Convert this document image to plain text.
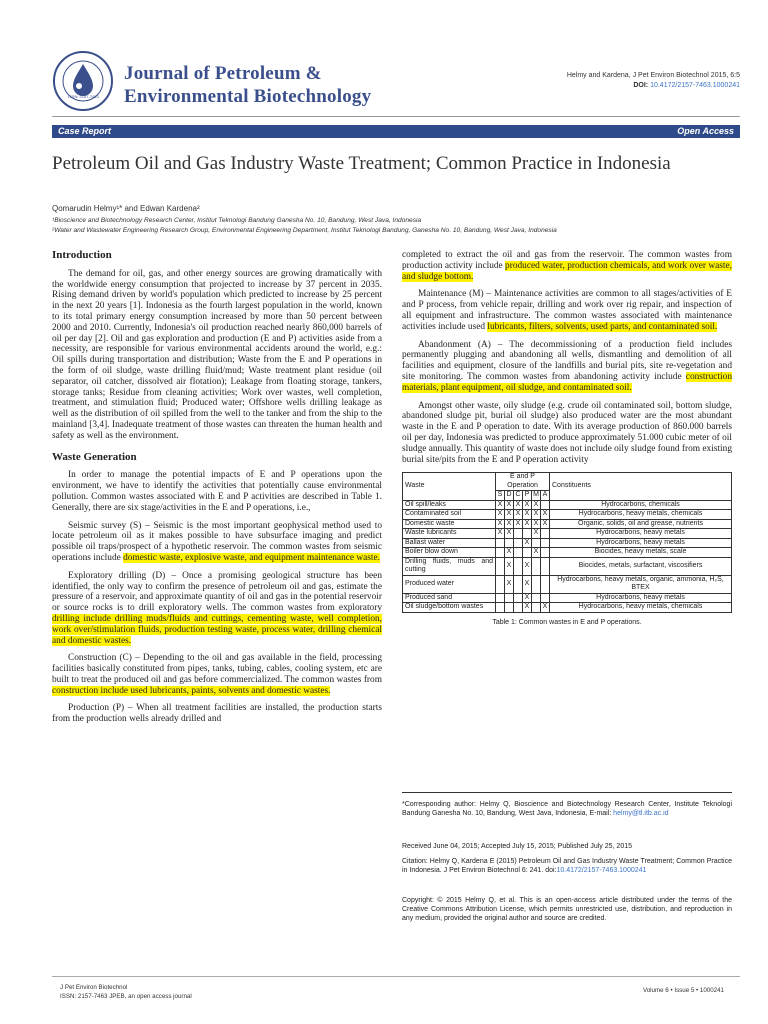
ISSN: 2157-7463
Journal of Petroleum &
Environmental Biotechnology
Helmy and Kardena, J Pet Environ Biotechnol 2015, 6:5
DOI: 10.4172/2157-7463.1000241
Case Report	Open Access
Petroleum Oil and Gas Industry Waste Treatment; Common Practice in Indonesia
Qomarudin Helmy¹* and Edwan Kardena²
¹Bioscience and Biotechnology Research Center, Institut Teknologi Bandung Ganesha No. 10, Bandung, West Java, Indonesia
²Water and Wastewater Engineering Research Group, Environmental Engineering Department, Institut Teknologi Bandung, Ganesha No. 10, Bandung, West Java, Indonesia
Introduction

The demand for oil, gas, and other energy sources are growing dramatically with the worldwide energy consumption that projected to increase by 37 percent in 2035. Rising demand driven by world's population which predicted to increase by 25 percent in the next 20 years [1]. Indonesia as the fourth largest population in the world, known to its total primary energy consumption increased by more than 50 percent between 2000 and 2010. Currently, Indonesia's oil production reached nearly 860,000 barrels of oil per day [2]. Oil and gas exploration and production (E and P) activities aside from a necessity, are responsible for various environmental accidents around the world, e.g.: Oil spills during transportation and distribution; Waste from the E and P operations in the form of oil sludge, waste drilling fluid/mud; Waste treatment plant residue (oil separator, oil catcher, dissolved air flotation); Leakage from floating storage, tankers, storage tanks; Residue from cleaning activities; Work over wastes, well completion, treatment, and stimulation fluid; Produced water; Offshore wells drilling leakage as well as the distribution of oil spilled from the well to the tanker and from the ship to the mainland [3,4]. Inadequate treatment of those wastes can threaten the human health and safety as well as the environment.

Waste Generation

In order to manage the potential impacts of E and P operations upon the environment, we have to identify the activities that potentially cause environmental pollution. Common wastes associated with E and P activities are described in Table 1. Generally, there are six stage/activities in the E and P operations, i.e.,

Seismic survey (S) – Seismic is the most important geophysical method used to locate petroleum oil as it makes possible to have subsurface imaging and predict possible oil traps/prospect of a hypothetic reservoir. The common wastes from seismic operations include domestic waste, explosive waste, and equipment maintenance waste.

Exploratory drilling (D) – Once a promising geological structure has been identified, the only way to confirm the presence of petroleum oil and gas, estimate the pressure of a reservoir, and approximate quantity of oil and gas in the potential reservoir or source rocks is to drill exploratory wells. The common wastes from exploratory drilling include drilling muds/fluids and cuttings, cementing waste, well completion, work over/stimulation fluids, production testing waste, process water, drilling chemical and domestic wastes.

Construction (C) – Depending to the oil and gas available in the field, processing facilities basically constituted from pipes, tanks, tubing, cables, cooling system, etc are built to treat the produced oil and gas before commercialized. The common wastes from construction include used lubricants, paints, solvents and domestic wastes.

Production (P) – When all treatment facilities are installed, the production starts from the production wells already drilled and

completed to extract the oil and gas from the reservoir. The common wastes from production activity include produced water, production chemicals, and work over waste, and sludge bottom.

Maintenance (M) – Maintenance activities are common to all stages/activities of E and P process, from vehicle repair, drilling and work over rig repair, and inspection of all equipment and infrastructure. The common wastes associated with maintenance activities include used lubricants, filters, solvents, used parts, and contaminated soil.

Abandonment (A) – The decommissioning of a production field includes permanently plugging and abandoning all wells, dismantling and demolition of all facilities and equipment, closure of the landfills and burial pits, site re-vegetation and site monitoring. The common wastes from abandoning activity include construction materials, plant equipment, oil sludge, and contaminated soil.

Amongst other waste, oily sludge (e.g. crude oil contaminated soil, bottom sludge, abandoned sludge pit, burial oil sludge) also produced water are the most abundant waste in the E and P operation to date. With its average production of 860.000 barrels oil per day, Indonesia was predicted to produce approximately 51.000 cubic meter of oil sludge annually. This quantity of waste does not include oily sludge found from existing burial site/pits from the E and P operation activity

Waste	E and P Operation						Constituents
	S	D	C	P	M	A	
Oil spill/leaks	X	X	X	X	X		Hydrocarbons, chemicals
Contaminated soil	X	X	X	X	X	X	Hydrocarbons, heavy metals, chemicals
Domestic waste	X	X	X	X	X	X	Organic, solids, oil and grease, nutrients
Waste lubricants	X	X			X		Hydrocarbons, heavy metals
Ballast water				X			Hydrocarbons, heavy metals
Boiler blow down		X			X		Biocides, heavy metals, scale
Drilling fluids, muds and cutting		X		X			Biocides, metals, surfactant, viscosifiers
Produced water		X		X			Hydrocarbons, heavy metals, organic, ammonia, H₂S, BTEX
Produced sand				X			Hydrocarbons, heavy metals
Oil sludge/bottom wastes				X		X	Hydrocarbons, heavy metals, chemicals
Table 1: Common wastes in E and P operations.
*Corresponding author: Helmy Q, Bioscience and Biotechnology Research Center, Institute Teknologi Bandung Ganesha No. 10, Bandung, West Java, Indonesia, E-mail: helmy@tl.itb.ac.id
Received June 04, 2015; Accepted July 15, 2015; Published July 25, 2015
Citation: Helmy Q, Kardena E (2015) Petroleum Oil and Gas Industry Waste Treatment; Common Practice in Indonesia. J Pet Environ Biotechnol 6: 241. doi:10.4172/2157-7463.1000241
Copyright: © 2015 Helmy Q, et al. This is an open-access article distributed under the terms of the Creative Commons Attribution License, which permits unrestricted use, distribution, and reproduction in any medium, provided the original author and source are credited.
J Pet Environ Biotechnol
ISSN: 2157-7463 JPEB, an open access journal
Volume 6 • Issue 5 • 1000241
